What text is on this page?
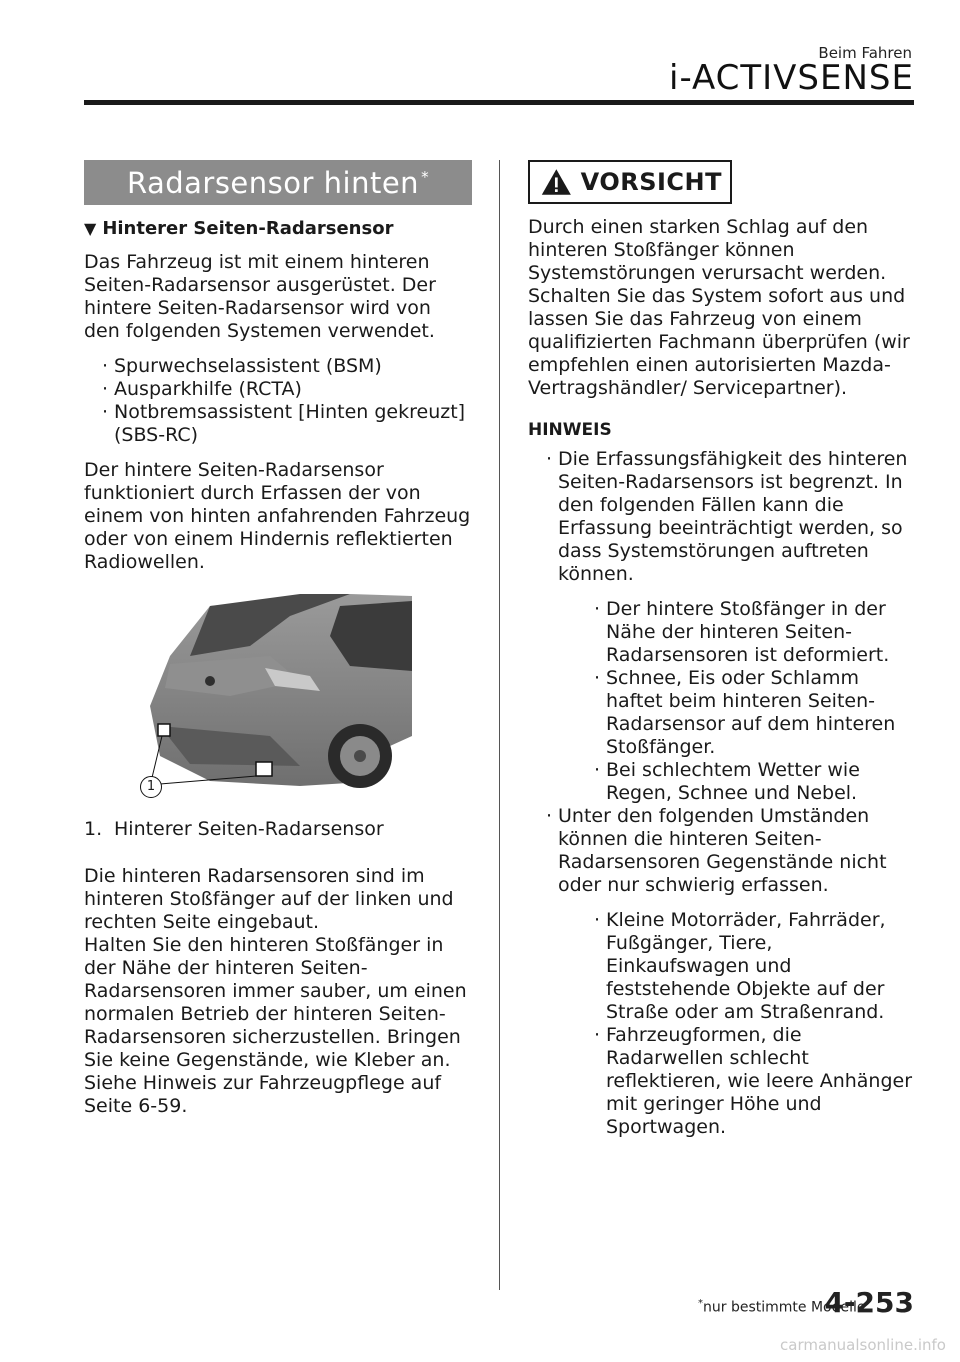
Beim Fahren
i-ACTIVSENSE
Radarsensor hinten*
▼ Hinterer Seiten-Radarsensor

Das Fahrzeug ist mit einem hinteren Seiten-Radarsensor ausgerüstet. Der hintere Seiten-Radarsensor wird von den folgenden Systemen verwendet.

· Spurwechselassistent (BSM)
· Ausparkhilfe (RCTA)
· Notbremsassistent [Hinten gekreuzt] (SBS-RC)

Der hintere Seiten-Radarsensor funktioniert durch Erfassen der von einem von hinten anfahrenden Fahrzeug oder von einem Hindernis reflektierten Radiowellen.

1
1. Hinterer Seiten-Radarsensor

Die hinteren Radarsensoren sind im hinteren Stoßfänger auf der linken und rechten Seite eingebaut.

Halten Sie den hinteren Stoßfänger in der Nähe der hinteren Seiten-Radarsensoren immer sauber, um einen normalen Betrieb der hinteren Seiten-Radarsensoren sicherzustellen. Bringen Sie keine Gegenstände, wie Kleber an.

Siehe Hinweis zur Fahrzeugpflege auf Seite 6-59.

VORSICHT

Durch einen starken Schlag auf den hinteren Stoßfänger können Systemstörungen verursacht werden. Schalten Sie das System sofort aus und lassen Sie das Fahrzeug von einem qualifizierten Fachmann überprüfen (wir empfehlen einen autorisierten Mazda-Vertragshändler/ Servicepartner).

HINWEIS
· Die Erfassungsfähigkeit des hinteren Seiten-Radarsensors ist begrenzt. In den folgenden Fällen kann die Erfassung beeinträchtigt werden, so dass Systemstörungen auftreten können.
· Der hintere Stoßfänger in der Nähe der hinteren Seiten-Radarsensoren ist deformiert.
· Schnee, Eis oder Schlamm haftet beim hinteren Seiten-Radarsensor auf dem hinteren Stoßfänger.
· Bei schlechtem Wetter wie Regen, Schnee und Nebel.
· Unter den folgenden Umständen können die hinteren Seiten-Radarsensoren Gegenstände nicht oder nur schwierig erfassen.
· Kleine Motorräder, Fahrräder, Fußgänger, Tiere, Einkaufswagen und feststehende Objekte auf der Straße oder am Straßenrand.
· Fahrzeugformen, die Radarwellen schlecht reflektieren, wie leere Anhänger mit geringer Höhe und Sportwagen.
*nur bestimmte Modelle
4-253
carmanualsonline.info
